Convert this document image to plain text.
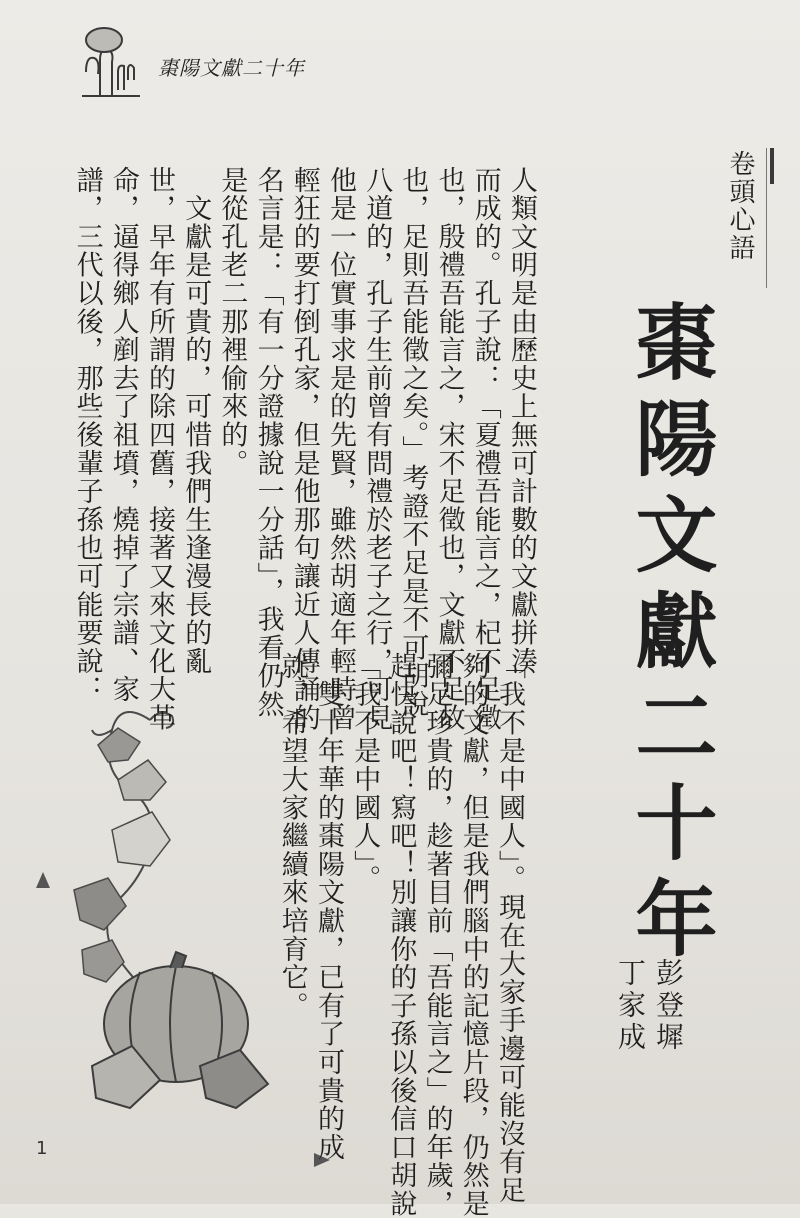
棗陽文獻二十年
卷頭心語
棗陽文獻二十年
彭登墀
丁家成
人類文明是由歷史上無可計數的文獻拼湊
而成的。孔子說：「夏禮吾能言之，杞不足徵
也，殷禮吾能言之，宋不足徵也，文獻不足故
也，足則吾能徵之矣。」考證不足是不可胡說
八道的，孔子生前曾有問禮於老子之行，可見
他是一位實事求是的先賢，雖然胡適年輕時曾
輕狂的要打倒孔家，但是他那句讓近人傳誦的
名言是：「有一分證據說一分話」，我看仍然
是從孔老二那裡偷來的。
　文獻是可貴的，可惜我們生逢漫長的亂
世，早年有所謂的除四舊，接著又來文化大革
命，逼得鄉人剷去了祖墳，燒掉了宗譜、家
譜，三代以後，那些後輩子孫也可能要說：
「我不是中國人」。現在大家手邊可能沒有足
夠的文獻，但是我們腦中的記憶片段，仍然是
彌足珍貴的，趁著目前「吾能言之」的年歲，
趕快說吧！寫吧！別讓你的子孫以後信口胡說
「我不是中國人」。
　雙十年華的棗陽文獻，已有了可貴的成
就，希望大家繼續來培育它。
1
